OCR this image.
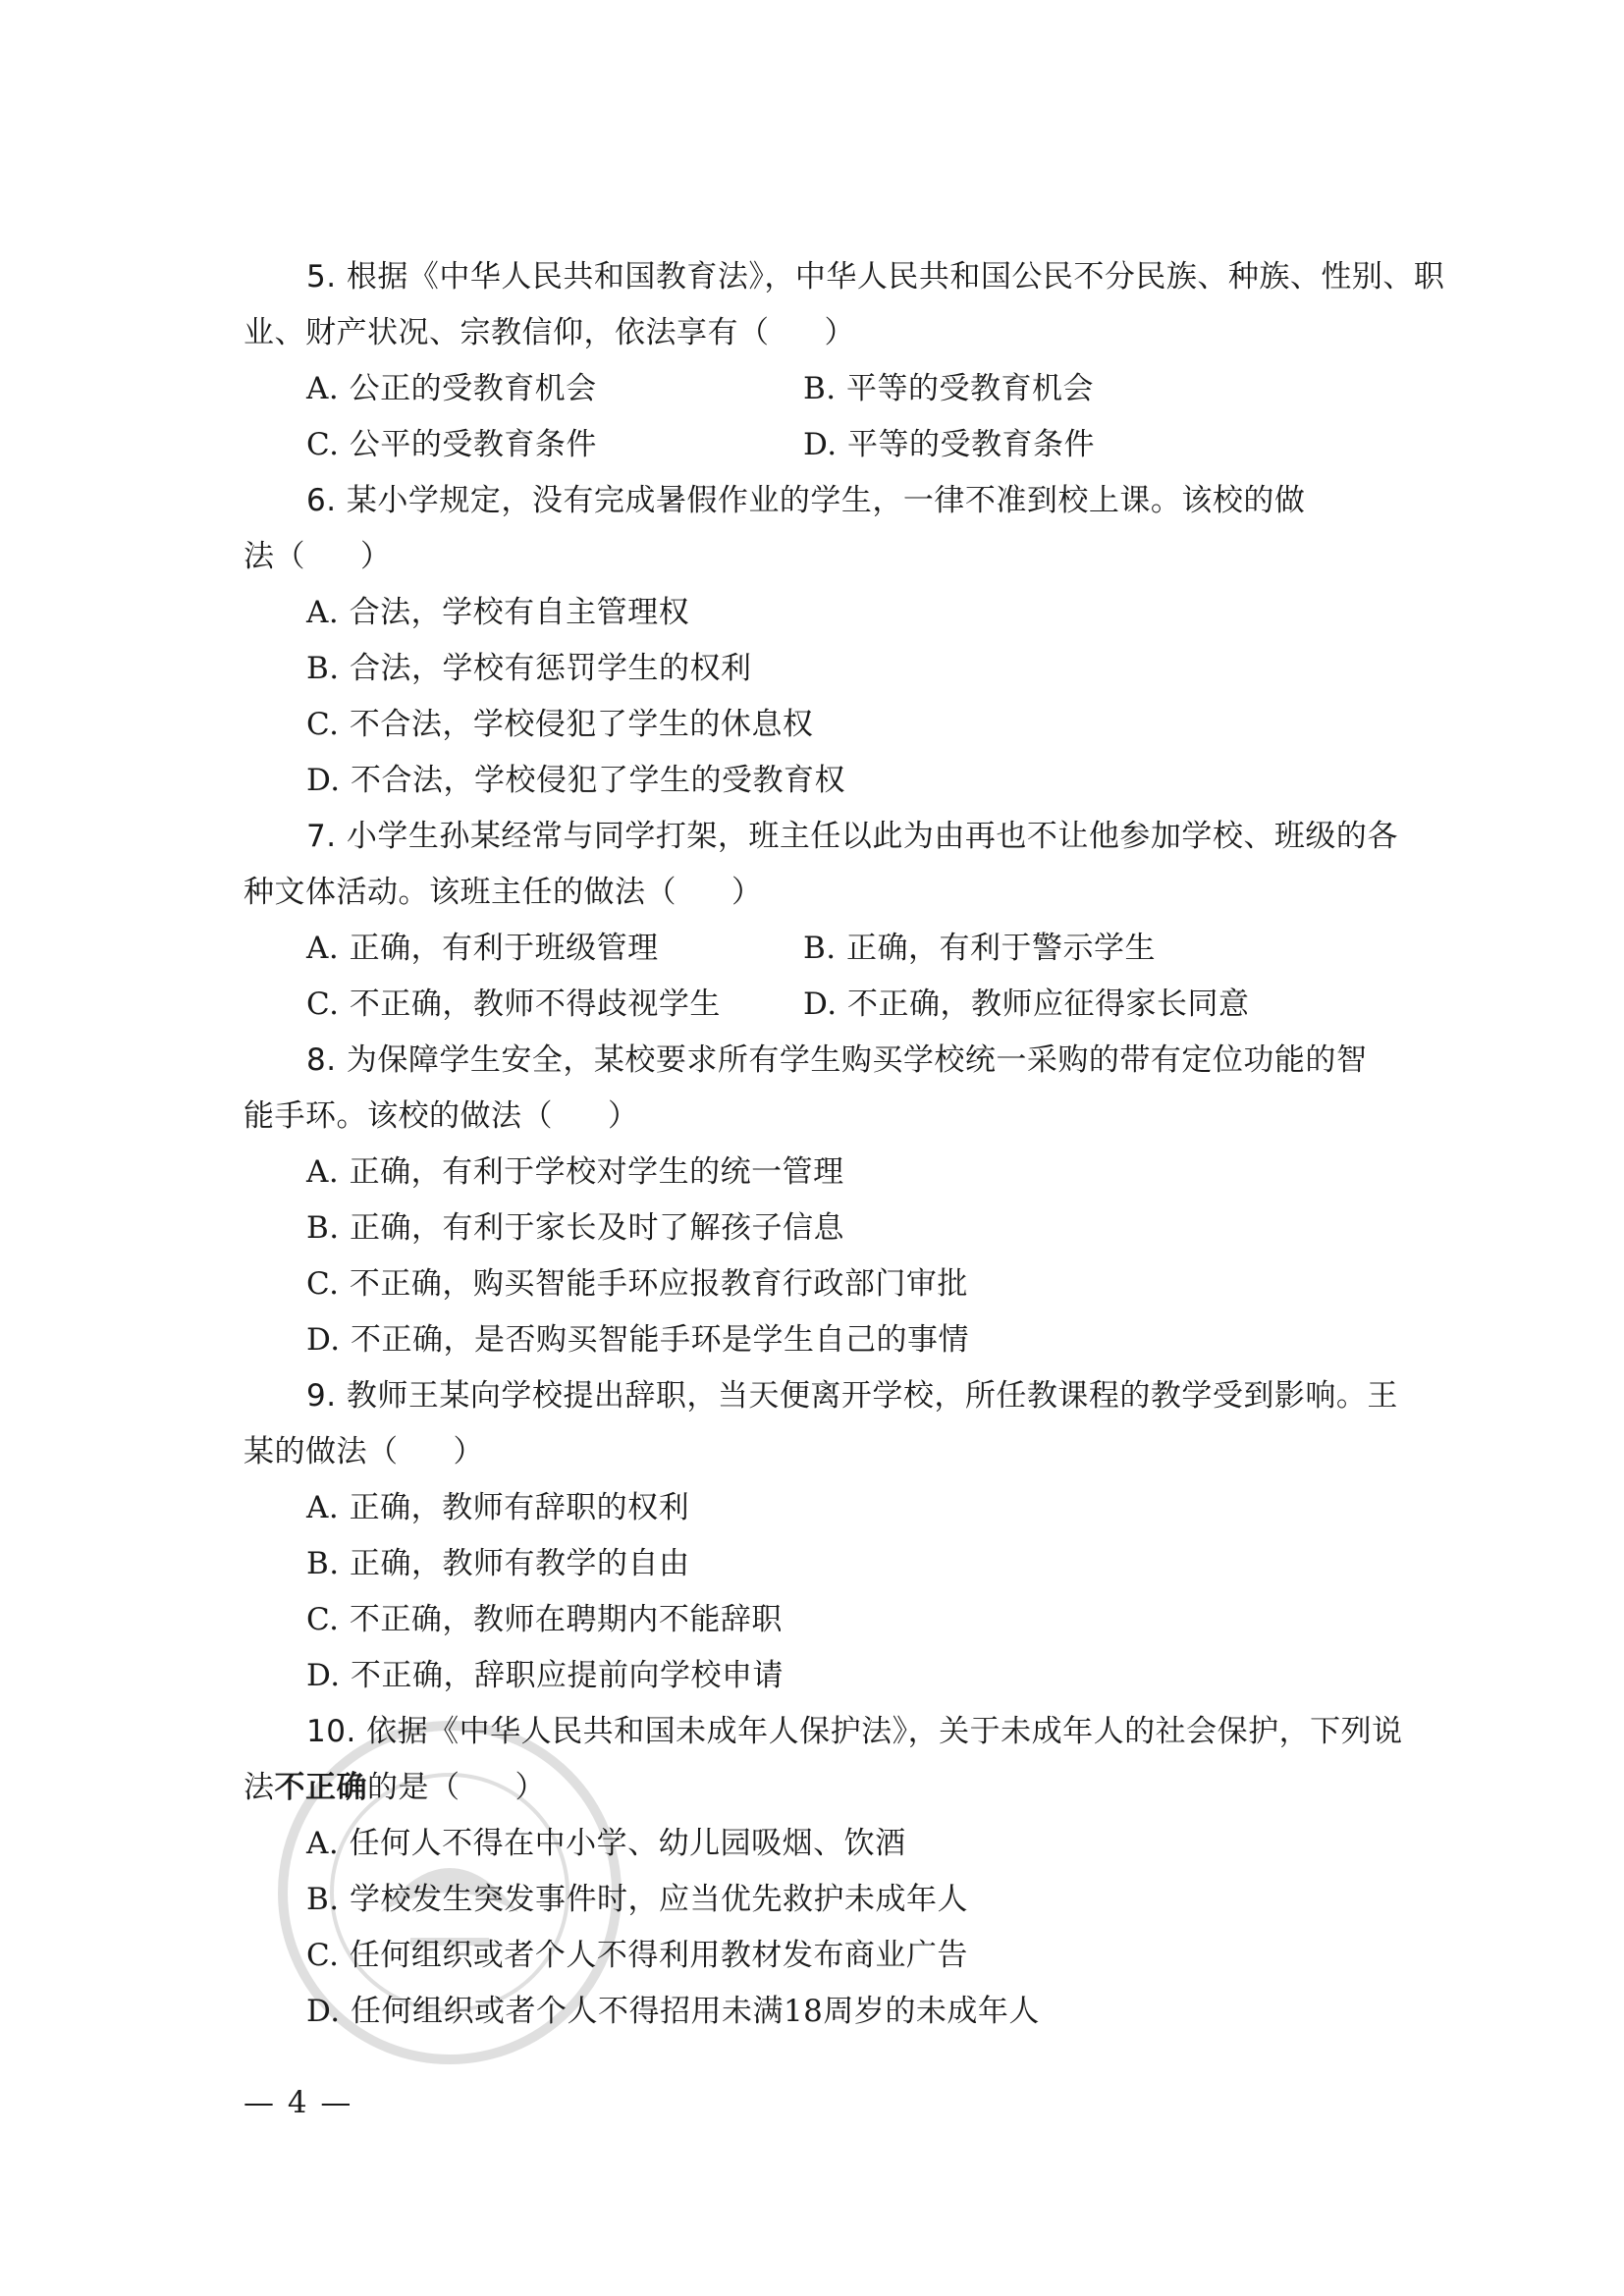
5. 根据《中华人民共和国教育法》，中华人民共和国公民不分民族、种族、性别、职
业、财产状况、宗教信仰，依法享有（ ）
A. 公正的受教育机会	B. 平等的受教育机会
C. 公平的受教育条件	D. 平等的受教育条件
6. 某小学规定，没有完成暑假作业的学生，一律不准到校上课。该校的做
法（ ）
A. 合法，学校有自主管理权
B. 合法，学校有惩罚学生的权利
C. 不合法，学校侵犯了学生的休息权
D. 不合法，学校侵犯了学生的受教育权
7. 小学生孙某经常与同学打架，班主任以此为由再也不让他参加学校、班级的各
种文体活动。该班主任的做法（ ）
A. 正确，有利于班级管理	B. 正确，有利于警示学生
C. 不正确，教师不得歧视学生	D. 不正确，教师应征得家长同意
8. 为保障学生安全，某校要求所有学生购买学校统一采购的带有定位功能的智
能手环。该校的做法（ ）
A. 正确，有利于学校对学生的统一管理
B. 正确，有利于家长及时了解孩子信息
C. 不正确，购买智能手环应报教育行政部门审批
D. 不正确，是否购买智能手环是学生自己的事情
9. 教师王某向学校提出辞职，当天便离开学校，所任教课程的教学受到影响。王
某的做法（ ）
A. 正确，教师有辞职的权利
B. 正确，教师有教学的自由
C. 不正确，教师在聘期内不能辞职
D. 不正确，辞职应提前向学校申请
10. 依据《中华人民共和国未成年人保护法》，关于未成年人的社会保护，下列说
法不正确的是（ ）
A. 任何人不得在中小学、幼儿园吸烟、饮酒
B. 学校发生突发事件时，应当优先救护未成年人
C. 任何组织或者个人不得利用教材发布商业广告
D. 任何组织或者个人不得招用未满18周岁的未成年人
— 4 —
